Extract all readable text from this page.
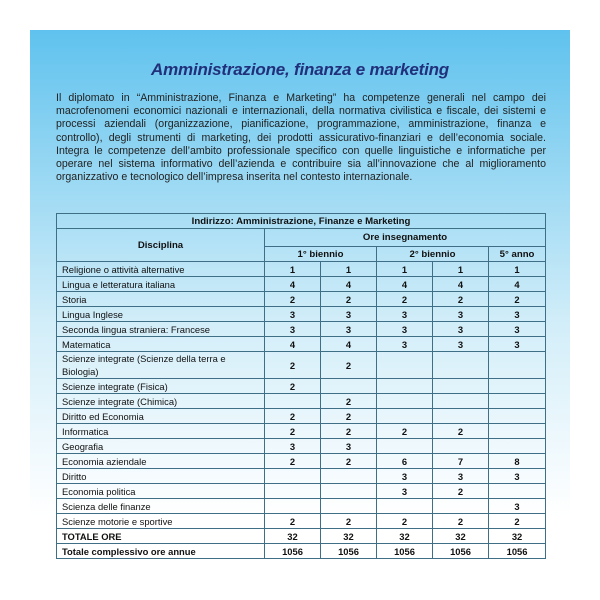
Amministrazione, finanza e marketing
Il diplomato in “Amministrazione, Finanza e Marketing” ha competenze generali nel campo dei macrofenomeni economici nazionali e internazionali, della normativa civilistica e fiscale, dei sistemi e processi aziendali (organizzazione, pianificazione, programmazione, amministrazione, finanza e controllo), degli strumenti di marketing, dei prodotti assicurativo-finanziari e dell’economia sociale. Integra le competenze dell’ambito professionale specifico con quelle linguistiche e informatiche per operare nel sistema informativo dell’azienda e contribuire sia all’innovazione che al miglioramento organizzativo e tecnologico dell’impresa inserita nel contesto internazionale.
Indirizzo: Amministrazione, Finanze e Marketing					
Disciplina	Ore insegnamento				
	1° biennio		2° biennio		5° anno
Religione o attività alternative	1	1	1	1	1
Lingua e letteratura italiana	4	4	4	4	4
Storia	2	2	2	2	2
Lingua Inglese	3	3	3	3	3
Seconda lingua straniera: Francese	3	3	3	3	3
Matematica	4	4	3	3	3
Scienze integrate (Scienze della terra e Biologia)	2	2			
Scienze integrate (Fisica)	2				
Scienze integrate (Chimica)		2			
Diritto ed Economia	2	2			
Informatica	2	2	2	2	
Geografia	3	3			
Economia aziendale	2	2	6	7	8
Diritto			3	3	3
Economia politica			3	2	
Scienza delle finanze					3
Scienze motorie e sportive	2	2	2	2	2
TOTALE ORE	32	32	32	32	32
Totale complessivo ore annue	1056	1056	1056	1056	1056
